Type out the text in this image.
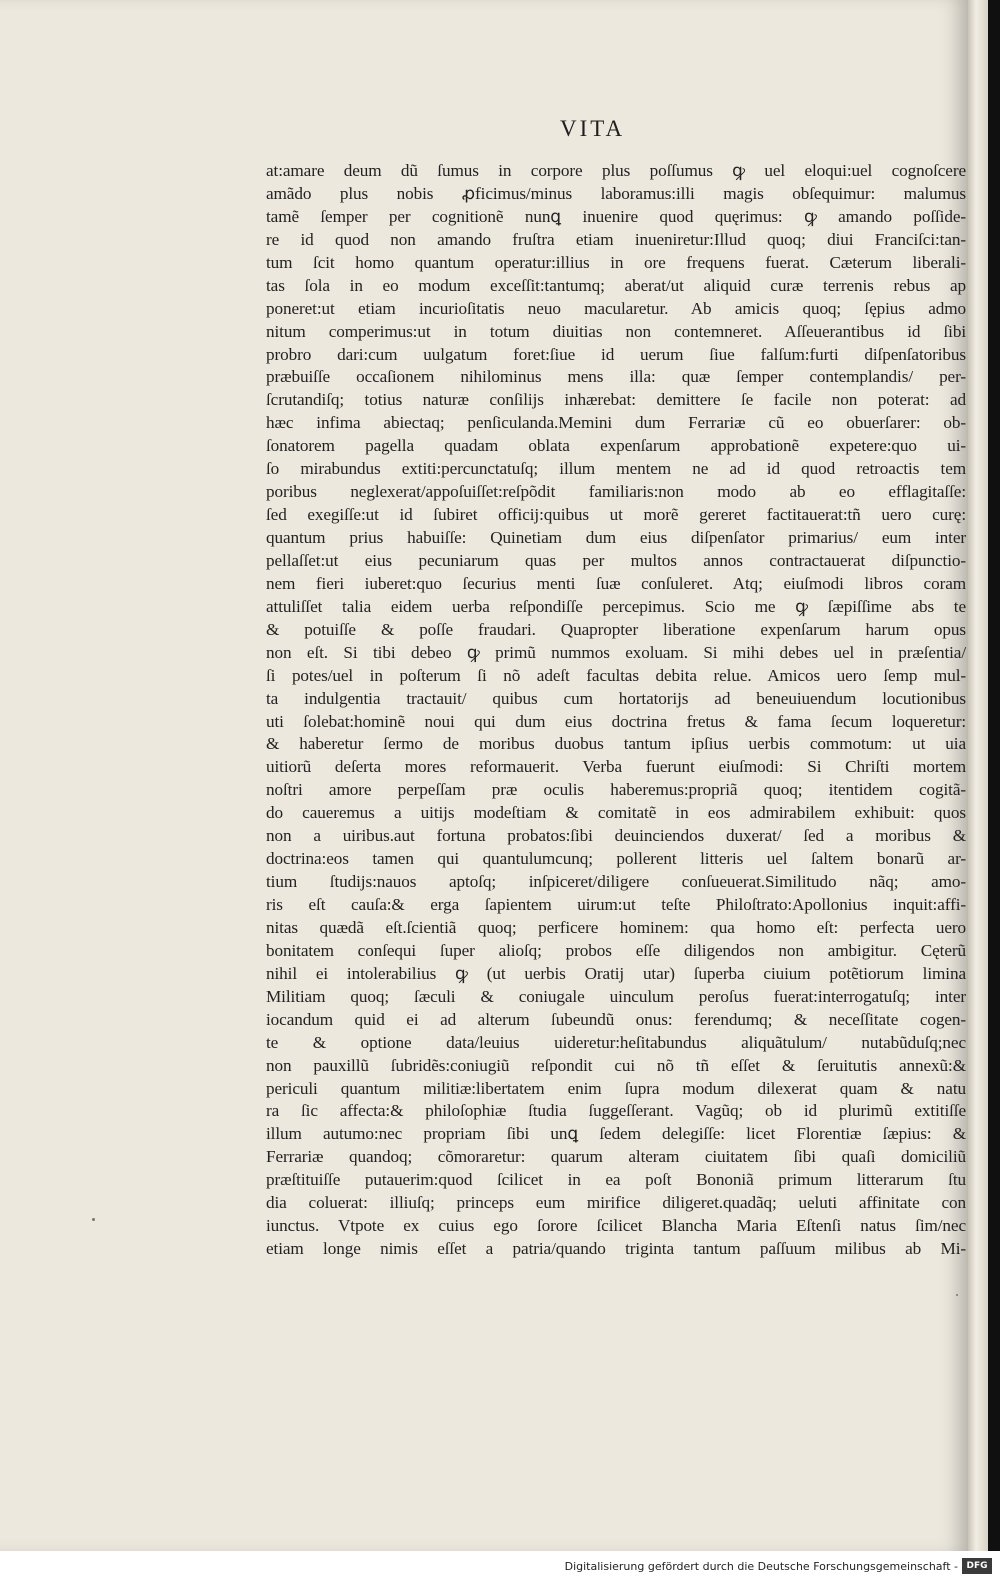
VITA
at:amare deum dũ ſumus in corpore plus poſſumus ꝙ uel eloqui:uel cognoſcere
amãdo plus nobis ꝓficimus/minus laboramus:illi magis obſequimur: malumus
tamẽ ſemper per cognitionẽ nunꝗ inuenire quod quęrimus: ꝙ amando poſſide-
re id quod non amando fruſtra etiam inueniretur:Illud quoq; diui Franciſci:tan-
tum ſcit homo quantum operatur:illius in ore frequens fuerat. Cæterum liberali-
tas ſola in eo modum exceſſit:tantumq; aberat/ut aliquid curæ terrenis rebus ap
poneret:ut etiam incurioſitatis neuo macularetur. Ab amicis quoq; ſępius admo
nitum comperimus:ut in totum diuitias non contemneret. Aſſeuerantibus id ſibi
probro dari:cum uulgatum foret:ſiue id uerum ſiue falſum:furti diſpenſatoribus
præbuiſſe occaſionem nihilominus mens illa: quæ ſemper contemplandis/ per-
ſcrutandiſq; totius naturæ conſilijs inhærebat: demittere ſe facile non poterat: ad
hæc infima abiectaq; penſiculanda.Memini dum Ferrariæ cũ eo obuerſarer: ob-
ſonatorem pagella quadam oblata expenſarum approbationẽ expetere:quo ui-
ſo mirabundus extiti:percunctatuſq; illum mentem ne ad id quod retroactis tem
poribus neglexerat/appoſuiſſet:reſpõdit familiaris:non modo ab eo efflagitaſſe:
ſed exegiſſe:ut id ſubiret officij:quibus ut morẽ gereret factitauerat:tñ uero curę:
quantum prius habuiſſe: Quinetiam dum eius diſpenſator primarius/ eum inter
pellaſſet:ut eius pecuniarum quas per multos annos contractauerat diſpunctio-
nem fieri iuberet:quo ſecurius menti ſuæ conſuleret. Atq; eiuſmodi libros coram
attuliſſet talia eidem uerba reſpondiſſe percepimus. Scio me ꝙ ſæpiſſime abs te
& potuiſſe & poſſe fraudari. Quapropter liberatione expenſarum harum opus
non eſt. Si tibi debeo ꝙ primũ nummos exoluam. Si mihi debes uel in præſentia/
ſi potes/uel in poſterum ſi nõ adeſt facultas debita relue. Amicos uero ſemp mul-
ta indulgentia tractauit/ quibus cum hortatorijs ad beneuiuendum locutionibus
uti ſolebat:hominẽ noui qui dum eius doctrina fretus & fama ſecum loqueretur:
& haberetur ſermo de moribus duobus tantum ipſius uerbis commotum: ut uia
uitiorũ deſerta mores reformauerit. Verba fuerunt eiuſmodi: Si Chriſti mortem
noſtri amore perpeſſam præ oculis haberemus:propriã quoq; itentidem cogitã-
do caueremus a uitijs modeſtiam & comitatẽ in eos admirabilem exhibuit: quos
non a uiribus.aut fortuna probatos:ſibi deuinciendos duxerat/ ſed a moribus &
doctrina:eos tamen qui quantulumcunq; pollerent litteris uel ſaltem bonarũ ar-
tium ſtudijs:nauos aptoſq; inſpiceret/diligere conſueuerat.Similitudo nãq; amo-
ris eſt cauſa:& erga ſapientem uirum:ut teſte Philoſtrato:Apollonius inquit:affi-
nitas quædã eſt.ſcientiã quoq; perficere hominem: qua homo eſt: perfecta uero
bonitatem conſequi ſuper alioſq; probos eſſe diligendos non ambigitur. Cęterũ
nihil ei intolerabilius ꝙ (ut uerbis Oratij utar) ſuperba ciuium potẽtiorum limina
Militiam quoq; ſæculi & coniugale uinculum peroſus fuerat:interrogatuſq; inter
iocandum quid ei ad alterum ſubeundũ onus: ferendumq; & neceſſitate cogen-
te & optione data/leuius uideretur:heſitabundus aliquãtulum/ nutabũduſq;nec
non pauxillũ ſubridẽs:coniugiũ reſpondit cui nõ tñ eſſet & ſeruitutis annexũ:&
periculi quantum militiæ:libertatem enim ſupra modum dilexerat quam & natu
ra ſic affecta:& philoſophiæ ſtudia ſuggeſſerant. Vagũq; ob id plurimũ extitiſſe
illum autumo:nec propriam ſibi unꝗ ſedem delegiſſe: licet Florentiæ ſæpius: &
Ferrariæ quandoq; cõmoraretur: quarum alteram ciuitatem ſibi quaſi domiciliũ
præſtituiſſe putauerim:quod ſcilicet in ea poſt Bononiã primum litterarum ſtu
dia coluerat: illiuſq; princeps eum mirifice diligeret.quadãq; ueluti affinitate con
iunctus. Vtpote ex cuius ego ſorore ſcilicet Blancha Maria Eſtenſi natus ſim/nec
etiam longe nimis eſſet a patria/quando triginta tantum paſſuum milibus ab Mi-
Digitalisierung gefördert durch die Deutsche Forschungsgemeinschaft - DFG
